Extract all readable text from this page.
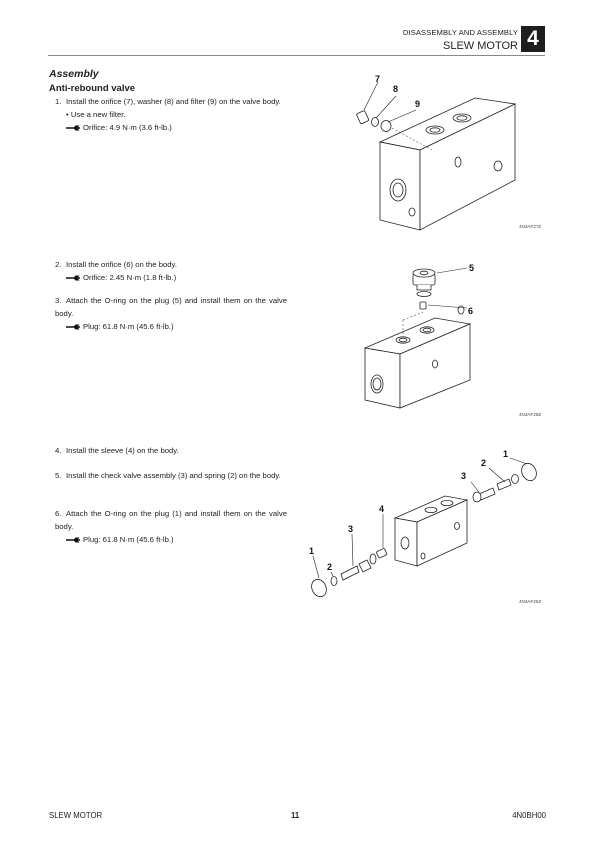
DISASSEMBLY AND ASSEMBLY
SLEW MOTOR 4
Assembly
Anti-rebound valve
1. Install the orifice (7), washer (8) and filter (9) on the valve body.
• Use a new filter.
Orifice: 4.9 N·m (3.6 ft-lb.)
2. Install the orifice (6) on the body.
Orifice: 2.45 N·m (1.8 ft-lb.)
3. Attach the O-ring on the plug (5) and install them on the valve body.
Plug: 61.8 N·m (45.6 ft-lb.)
4. Install the sleeve (4) on the body.
5. Install the check valve assembly (3) and spring (2) on the body.
6. Attach the O-ring on the plug (1) and install them on the valve body.
Plug: 61.8 N·m (45.6 ft-lb.)
7
8
9
4N3AF27Z
5
6
4N3AF28Z
1
2
3
4
3
2
1
4N3AF25Z
SLEW MOTOR	11	4N0BH00
